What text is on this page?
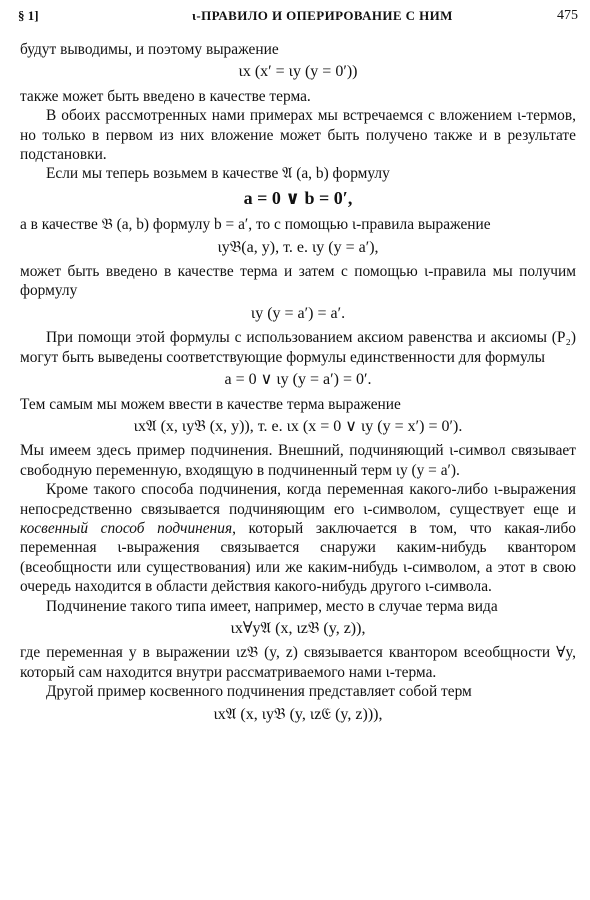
§ 1]	ι-ПРАВИЛО И ОПЕРИРОВАНИЕ С НИМ	475

будут выводимы, и поэтому выражение

ιx (x′ = ιy (y = 0′))

также может быть введено в качестве терма.

В обоих рассмотренных нами примерах мы встречаемся с вложением ι-термов, но только в первом из них вложение может быть получено также и в результате подстановки.

Если мы теперь возьмем в качестве 𝔄 (a, b) формулу

a = 0 ∨ b = 0′,

а в качестве 𝔅 (a, b) формулу b = a′, то с помощью ι-правила выражение

ιy𝔅(a, y), т. е. ιy (y = a′),

может быть введено в качестве терма и затем с помощью ι-правила мы получим формулу

ιy (y = a′) = a′.

При помощи этой формулы с использованием аксиом равенства и аксиомы (P₂) могут быть выведены соответствующие формулы единственности для формулы

a = 0 ∨ ιy (y = a′) = 0′.

Тем самым мы можем ввести в качестве терма выражение

ιx𝔄 (x, ιy𝔅 (x, y)), т. е. ιx (x = 0 ∨ ιy (y = x′) = 0′).

Мы имеем здесь пример подчинения. Внешний, подчиняющий ι-символ связывает свободную переменную, входящую в подчиненный терм ιy (y = a′).

Кроме такого способа подчинения, когда переменная какого-либо ι-выражения непосредственно связывается подчиняющим его ι-символом, существует еще и косвенный способ подчинения, который заключается в том, что какая-либо переменная ι-выражения связывается снаружи каким-нибудь квантором (всеобщности или существования) или же каким-нибудь ι-символом, а этот в свою очередь находится в области действия какого-нибудь другого ι-символа.

Подчинение такого типа имеет, например, место в случае терма вида

ιx∀y𝔄 (x, ιz𝔅 (y, z)),

где переменная y в выражении ιz𝔅 (y, z) связывается квантором всеобщности ∀y, который сам находится внутри рассматриваемого нами ι-терма.

Другой пример косвенного подчинения представляет собой терм

ιx𝔄 (x, ιy𝔅 (y, ιz𝔈 (y, z))),
